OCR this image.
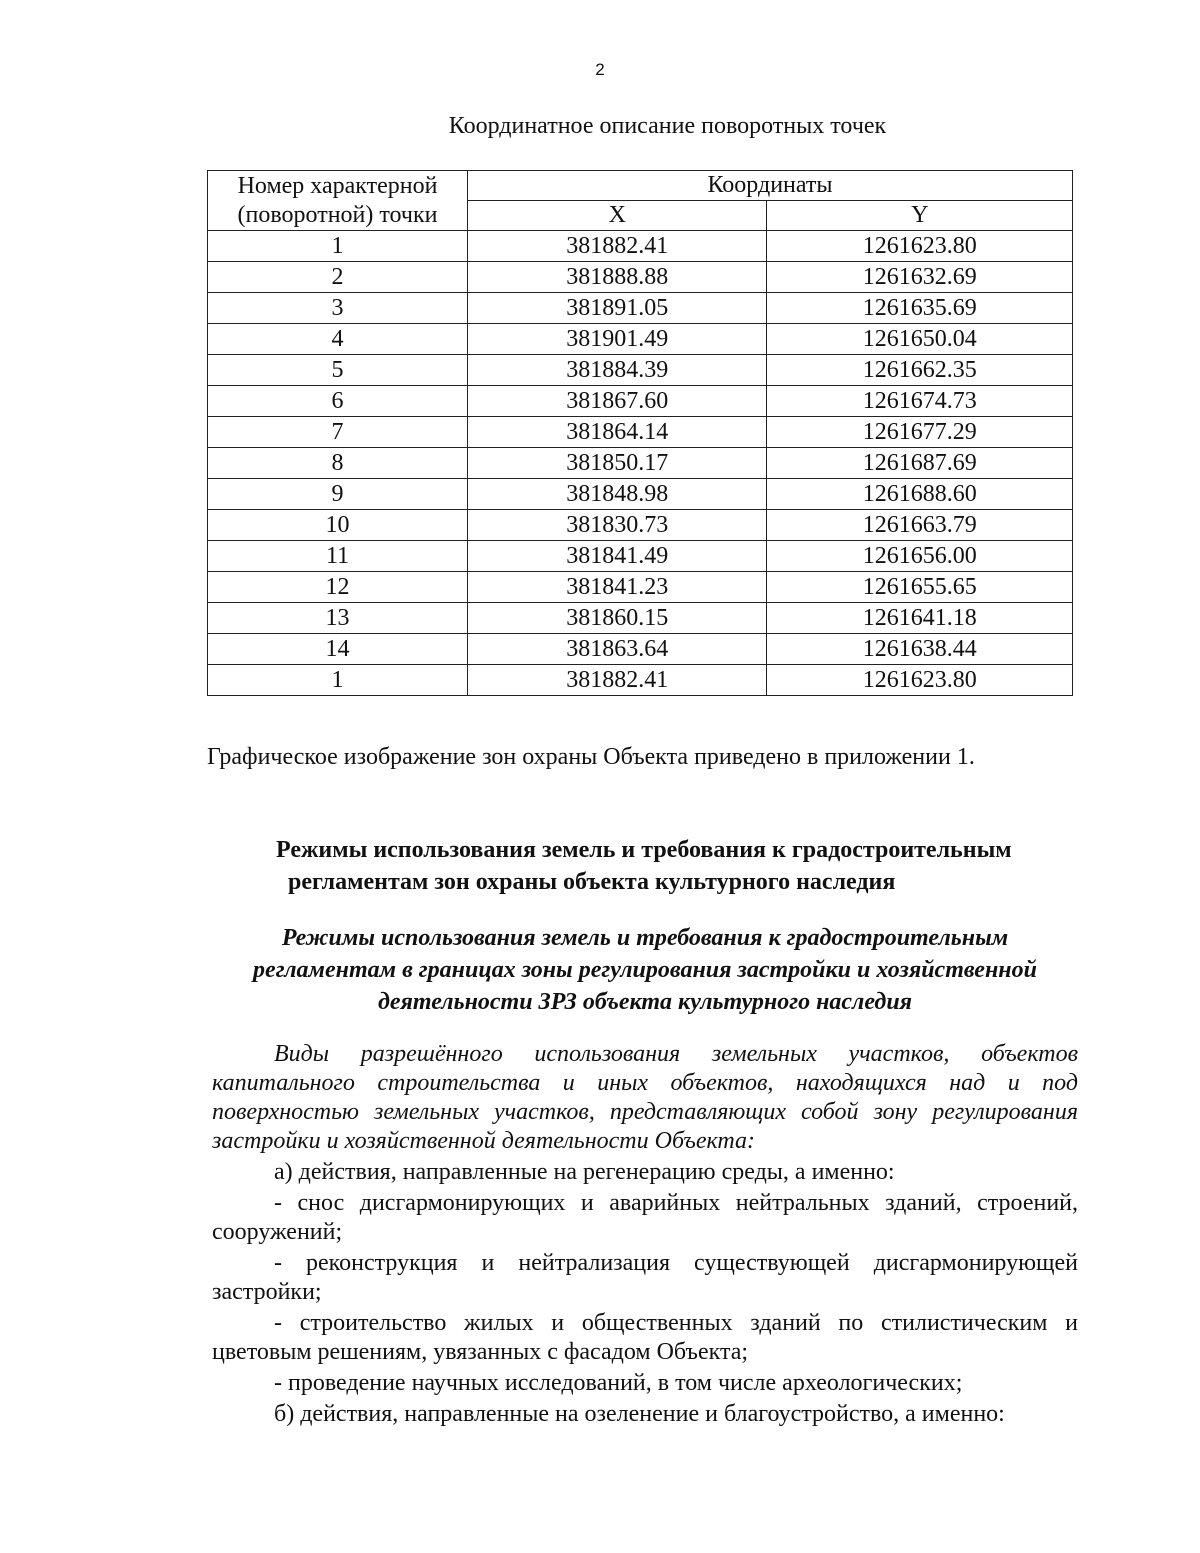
2
Координатное описание поворотных точек
Номер характерной
(поворотной) точки	Координаты	
	X	Y
1	381882.41	1261623.80
2	381888.88	1261632.69
3	381891.05	1261635.69
4	381901.49	1261650.04
5	381884.39	1261662.35
6	381867.60	1261674.73
7	381864.14	1261677.29
8	381850.17	1261687.69
9	381848.98	1261688.60
10	381830.73	1261663.79
11	381841.49	1261656.00
12	381841.23	1261655.65
13	381860.15	1261641.18
14	381863.64	1261638.44
1	381882.41	1261623.80
Графическое изображение зон охраны Объекта приведено в приложении 1.
Режимы использования земель и требования к градостроительным
регламентам зон охраны объекта культурного наследия
Режимы использования земель и требования к градостроительным
регламентам в границах зоны регулирования застройки и хозяйственной
деятельности ЗРЗ объекта культурного наследия

Виды разрешённого использования земельных участков, объектов капитального строительства и иных объектов, находящихся над и под поверхностью земельных участков, представляющих собой зону регулирования застройки и хозяйственной деятельности Объекта:

а) действия, направленные на регенерацию среды, а именно:

- снос дисгармонирующих и аварийных нейтральных зданий, строений, сооружений;

- реконструкция и нейтрализация существующей дисгармонирующей застройки;

- строительство жилых и общественных зданий по стилистическим и цветовым решениям, увязанных с фасадом Объекта;

- проведение научных исследований, в том числе археологических;

б) действия, направленные на озеленение и благоустройство, а именно:
